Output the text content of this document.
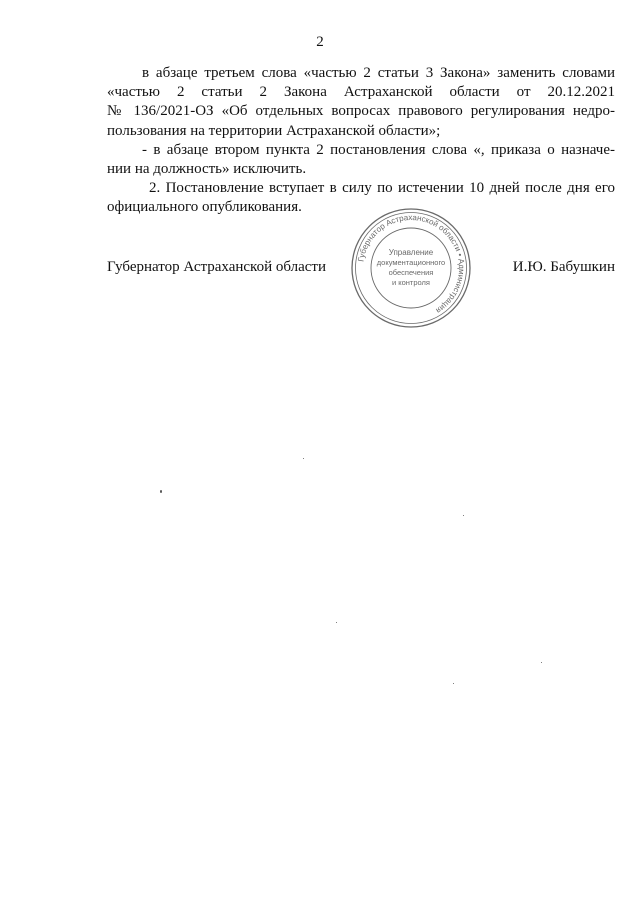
2

в абзаце третьем слова «частью 2 статьи 3 Закона» заменить словами
«частью 2 статьи 2 Закона Астраханской области от 20.12.2021
№ 136/2021-ОЗ «Об отдельных вопросах правового регулирования недро-
пользования на территории Астраханской области»;

- в абзаце втором пункта 2 постановления слова «, приказа о назначе-
нии на должность» исключить.

2. Постановление вступает в силу по истечении 10 дней после дня его
официального опубликования.

Губернатор Астраханской области	И.Ю. Бабушкин
Губернатор Астраханской области • Администрация
Управление
документационного
обеспечения
и контроля
